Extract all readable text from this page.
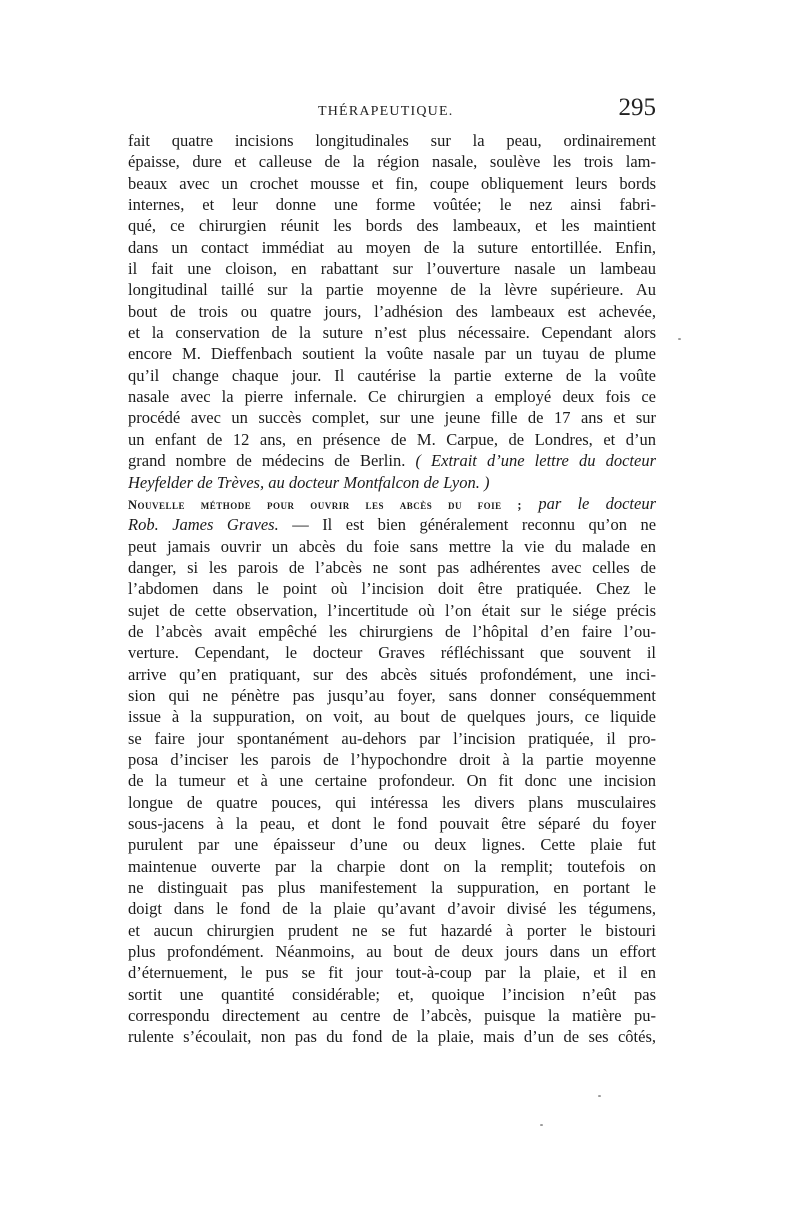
THÉRAPEUTIQUE.	295
fait quatre incisions longitudinales sur la peau, ordinairement
épaisse, dure et calleuse de la région nasale, soulève les trois lam-
beaux avec un crochet mousse et fin, coupe obliquement leurs bords
internes, et leur donne une forme voûtée; le nez ainsi fabri-
qué, ce chirurgien réunit les bords des lambeaux, et les maintient
dans un contact immédiat au moyen de la suture entortillée. Enfin,
il fait une cloison, en rabattant sur l’ouverture nasale un lambeau
longitudinal taillé sur la partie moyenne de la lèvre supérieure. Au
bout de trois ou quatre jours, l’adhésion des lambeaux est achevée,
et la conservation de la suture n’est plus nécessaire. Cependant alors
encore M. Dieffenbach soutient la voûte nasale par un tuyau de plume
qu’il change chaque jour. Il cautérise la partie externe de la voûte
nasale avec la pierre infernale. Ce chirurgien a employé deux fois ce
procédé avec un succès complet, sur une jeune fille de 17 ans et sur
un enfant de 12 ans, en présence de M. Carpue, de Londres, et d’un
grand nombre de médecins de Berlin. ( Extrait d’une lettre du docteur
Heyfelder de Trèves, au docteur Montfalcon de Lyon. )
Nouvelle méthode pour ouvrir les abcès du foie ; par le docteur
Rob. James Graves. — Il est bien généralement reconnu qu’on ne
peut jamais ouvrir un abcès du foie sans mettre la vie du malade en
danger, si les parois de l’abcès ne sont pas adhérentes avec celles de
l’abdomen dans le point où l’incision doit être pratiquée. Chez le
sujet de cette observation, l’incertitude où l’on était sur le siége précis
de l’abcès avait empêché les chirurgiens de l’hôpital d’en faire l’ou-
verture. Cependant, le docteur Graves réfléchissant que souvent il
arrive qu’en pratiquant, sur des abcès situés profondément, une inci-
sion qui ne pénètre pas jusqu’au foyer, sans donner conséquemment
issue à la suppuration, on voit, au bout de quelques jours, ce liquide
se faire jour spontanément au-dehors par l’incision pratiquée, il pro-
posa d’inciser les parois de l’hypochondre droit à la partie moyenne
de la tumeur et à une certaine profondeur. On fit donc une incision
longue de quatre pouces, qui intéressa les divers plans musculaires
sous-jacens à la peau, et dont le fond pouvait être séparé du foyer
purulent par une épaisseur d’une ou deux lignes. Cette plaie fut
maintenue ouverte par la charpie dont on la remplit; toutefois on
ne distinguait pas plus manifestement la suppuration, en portant le
doigt dans le fond de la plaie qu’avant d’avoir divisé les tégumens,
et aucun chirurgien prudent ne se fut hazardé à porter le bistouri
plus profondément. Néanmoins, au bout de deux jours dans un effort
d’éternuement, le pus se fit jour tout-à-coup par la plaie, et il en
sortit une quantité considérable; et, quoique l’incision n’eût pas
correspondu directement au centre de l’abcès, puisque la matière pu-
rulente s’écoulait, non pas du fond de la plaie, mais d’un de ses côtés,
